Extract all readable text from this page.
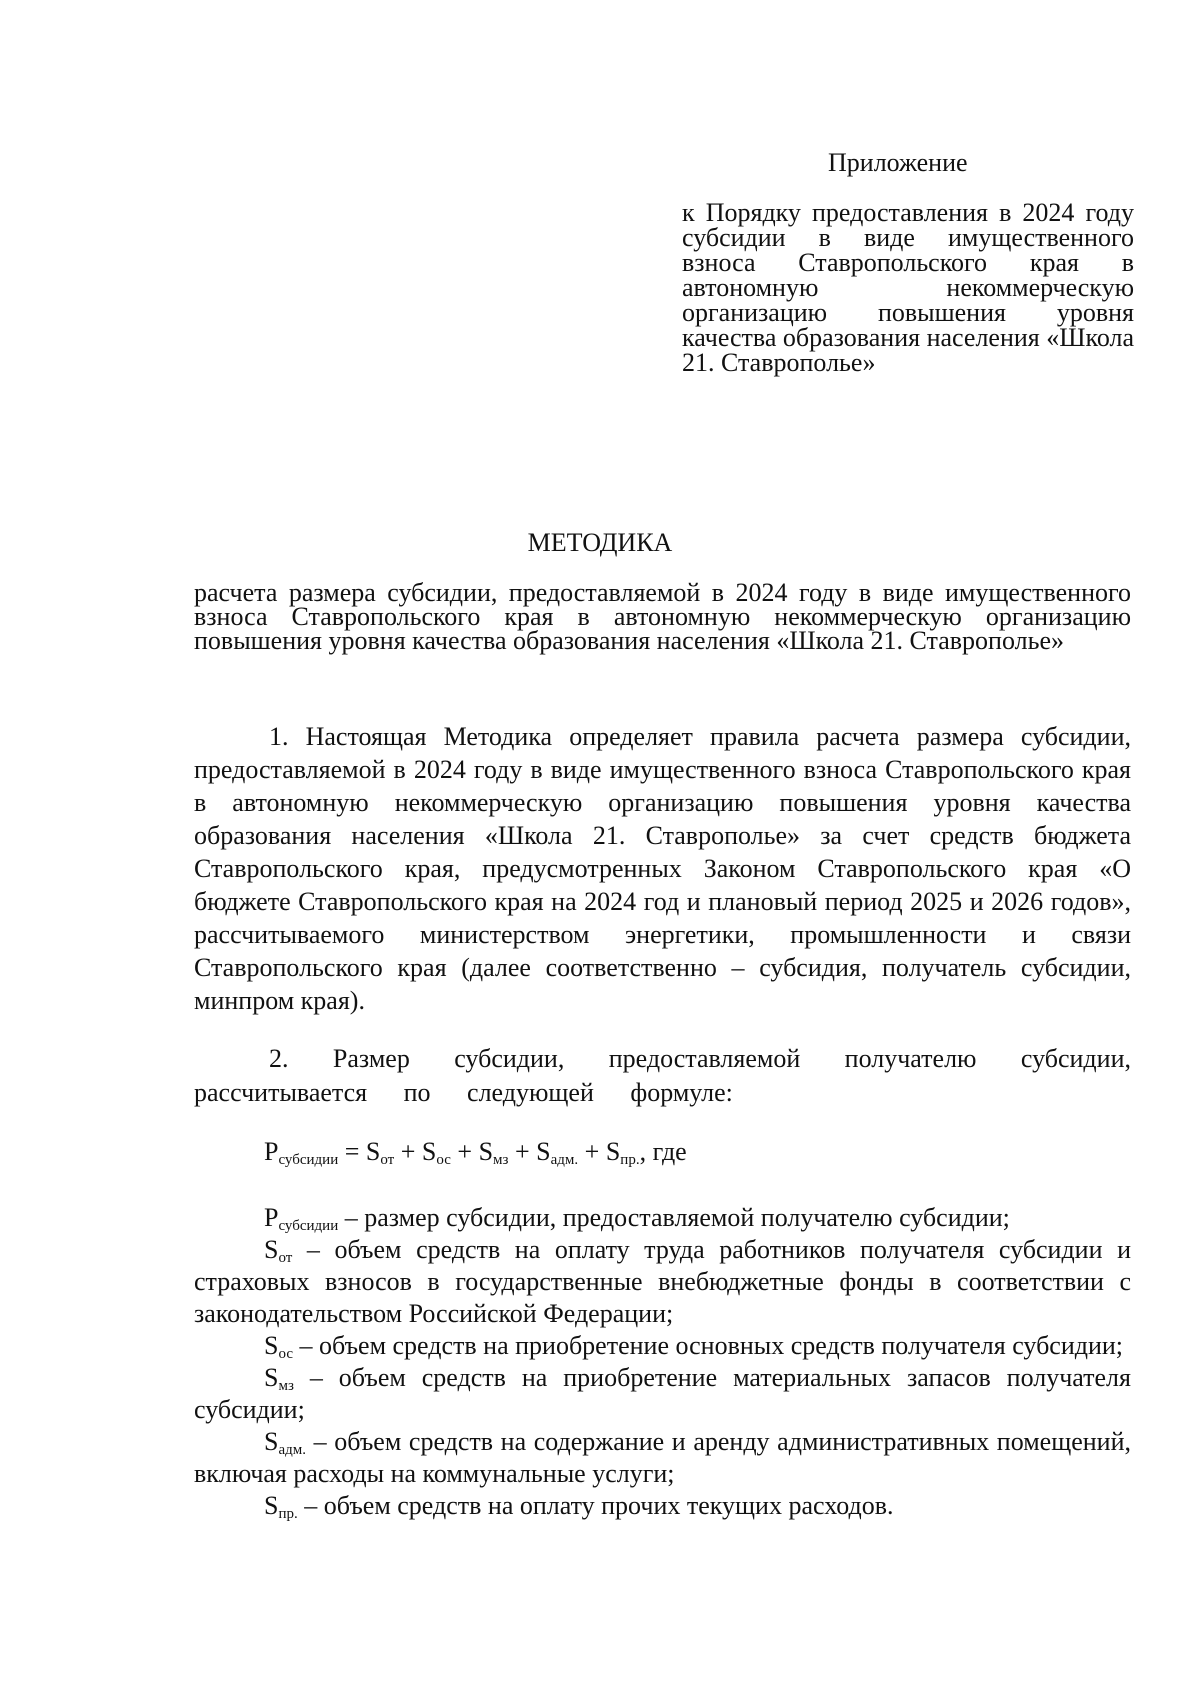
Приложение
к Порядку предоставления в 2024 году субсидии в виде имущественного взноса Ставропольского края в автономную некоммерческую организацию повышения уровня качества образования населения «Школа 21. Ставрополье»
МЕТОДИКА
расчета размера субсидии, предоставляемой в 2024 году в виде имущественного взноса Ставропольского края в автономную некоммерческую организацию повышения уровня качества образования населения «Школа 21. Ставрополье»

1. Настоящая Методика определяет правила расчета размера субсидии, предоставляемой в 2024 году в виде имущественного взноса Ставропольского края в автономную некоммерческую организацию повышения уровня качества образования населения «Школа 21. Ставрополье» за счет средств бюджета Ставропольского края, предусмотренных Законом Ставропольского края «О бюджете Ставропольского края на 2024 год и плановый период 2025 и 2026 годов», рассчитываемого министерством энергетики, промышленности и связи Ставропольского края (далее соответственно – субсидия, получатель субсидии, минпром края).

2. Размер субсидии, предоставляемой получателю субсидии, рассчитывается по следующей формуле:

$P_{субсидии} = S_{от} + S_{ос} + S_{мз} + S_{адм.} + S_{пр.}$, где

$P_{субсидии}$ – размер субсидии, предоставляемой получателю субсидии;

$S_{от}$ – объем средств на оплату труда работников получателя субсидии и страховых взносов в государственные внебюджетные фонды в соответствии с законодательством Российской Федерации;

$S_{ос}$ – объем средств на приобретение основных средств получателя субсидии;

$S_{мз}$ – объем средств на приобретение материальных запасов получателя субсидии;

$S_{адм.}$ – объем средств на содержание и аренду административных помещений, включая расходы на коммунальные услуги;

$S_{пр.}$ – объем средств на оплату прочих текущих расходов.
